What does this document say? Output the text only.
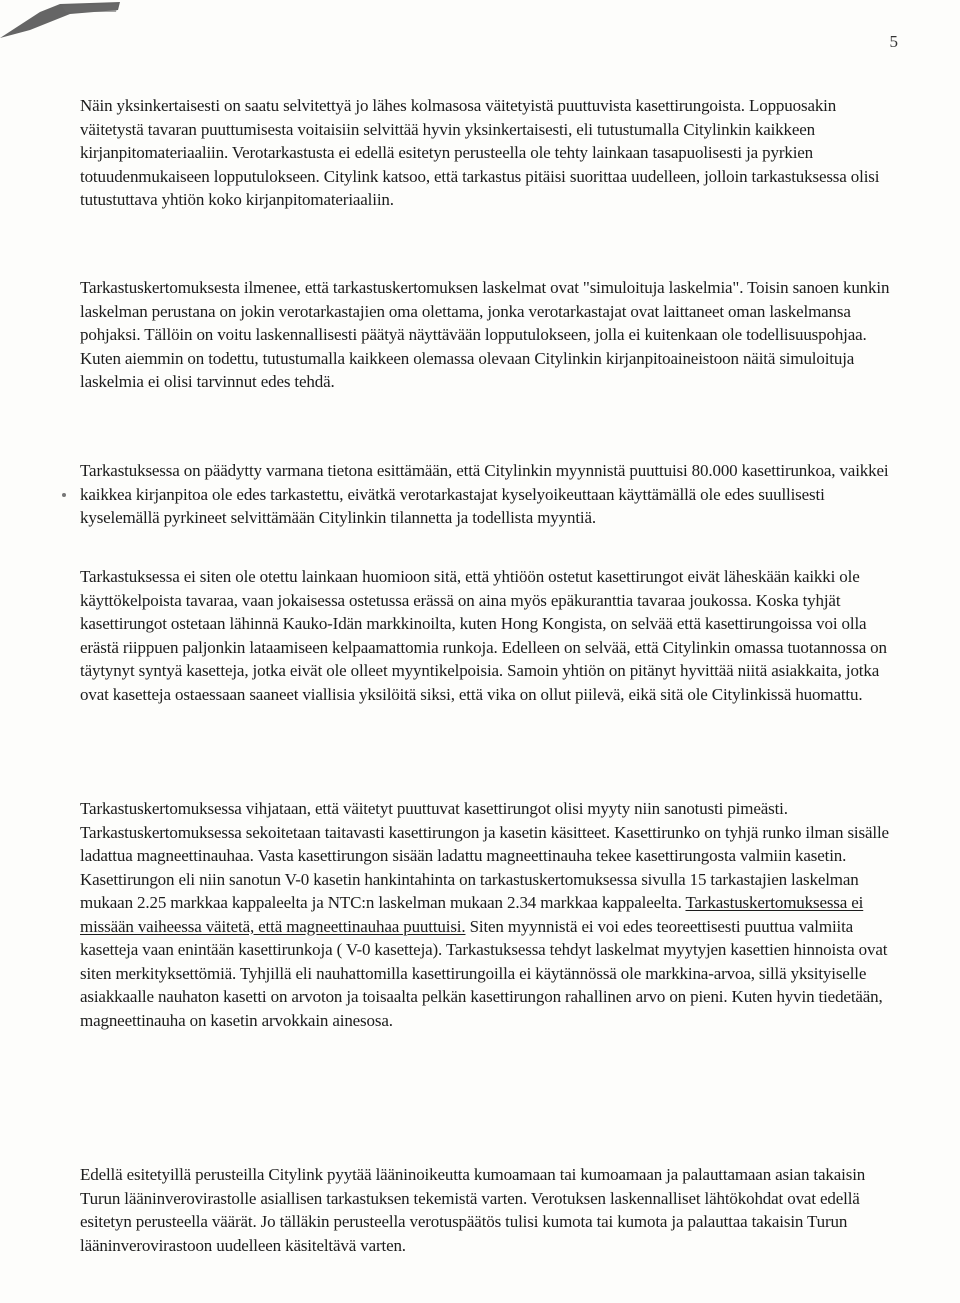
5

Näin yksinkertaisesti on saatu selvitettyä jo lähes kolmasosa väitetyistä puuttuvista kasettirungoista. Loppuosakin väitetystä tavaran puuttumisesta voitaisiin selvittää hyvin yksinkertaisesti, eli tutustumalla Citylinkin kaikkeen kirjanpitomateriaaliin. Verotarkastusta ei edellä esitetyn perusteella ole tehty lainkaan tasapuolisesti ja pyrkien totuudenmukaiseen lopputulokseen. Citylink katsoo, että tarkastus pitäisi suorittaa uudelleen, jolloin tarkastuksessa olisi tutustuttava yhtiön koko kirjanpitomateriaaliin.

Tarkastuskertomuksesta ilmenee, että tarkastuskertomuksen laskelmat ovat "simuloituja laskelmia". Toisin sanoen kunkin laskelman perustana on jokin verotarkastajien oma olettama, jonka verotarkastajat ovat laittaneet oman laskelmansa pohjaksi. Tällöin on voitu laskennallisesti päätyä näyttävään lopputulokseen, jolla ei kuitenkaan ole todellisuuspohjaa. Kuten aiemmin on todettu, tutustumalla kaikkeen olemassa olevaan Citylinkin kirjanpitoaineistoon näitä simuloituja laskelmia ei olisi tarvinnut edes tehdä.

Tarkastuksessa on päädytty varmana tietona esittämään, että Citylinkin myynnistä puuttuisi 80.000 kasettirunkoa, vaikkei kaikkea kirjanpitoa ole edes tarkastettu, eivätkä verotarkastajat kyselyoikeuttaan käyttämällä ole edes suullisesti kyselemällä pyrkineet selvittämään Citylinkin tilannetta ja todellista myyntiä.

Tarkastuksessa ei siten ole otettu lainkaan huomioon sitä, että yhtiöön ostetut kasettirungot eivät läheskään kaikki ole käyttökelpoista tavaraa, vaan jokaisessa ostetussa erässä on aina myös epäkuranttia tavaraa joukossa. Koska tyhjät kasettirungot ostetaan lähinnä Kauko-Idän markkinoilta, kuten Hong Kongista, on selvää että kasettirungoissa voi olla erästä riippuen paljonkin lataamiseen kelpaamattomia runkoja. Edelleen on selvää, että Citylinkin omassa tuotannossa on täytynyt syntyä kasetteja, jotka eivät ole olleet myyntikelpoisia. Samoin yhtiön on pitänyt hyvittää niitä asiakkaita, jotka ovat kasetteja ostaessaan saaneet viallisia yksilöitä siksi, että vika on ollut piilevä, eikä sitä ole Citylinkissä huomattu.

Tarkastuskertomuksessa vihjataan, että väitetyt puuttuvat kasettirungot olisi myyty niin sanotusti pimeästi. Tarkastuskertomuksessa sekoitetaan taitavasti kasettirungon ja kasetin käsitteet. Kasettirunko on tyhjä runko ilman sisälle ladattua magneettinauhaa. Vasta kasettirungon sisään ladattu magneettinauha tekee kasettirungosta valmiin kasetin. Kasettirungon eli niin sanotun V-0 kasetin hankintahinta on tarkastuskertomuksessa sivulla 15 tarkastajien laskelman mukaan 2.25 markkaa kappaleelta ja NTC:n laskelman mukaan 2.34 markkaa kappaleelta. Tarkastuskertomuksessa ei missään vaiheessa väitetä, että magneettinauhaa puuttuisi. Siten myynnistä ei voi edes teoreettisesti puuttua valmiita kasetteja vaan enintään kasettirunkoja ( V-0 kasetteja). Tarkastuksessa tehdyt laskelmat myytyjen kasettien hinnoista ovat siten merkityksettömiä. Tyhjillä eli nauhattomilla kasettirungoilla ei käytännössä ole markkina-arvoa, sillä yksityiselle asiakkaalle nauhaton kasetti on arvoton ja toisaalta pelkän kasettirungon rahallinen arvo on pieni. Kuten hyvin tiedetään, magneettinauha on kasetin arvokkain ainesosa.

Edellä esitetyillä perusteilla Citylink pyytää lääninoikeutta kumoamaan tai kumoamaan ja palauttamaan asian takaisin Turun lääninverovirastolle asiallisen tarkastuksen tekemistä varten. Verotuksen laskennalliset lähtökohdat ovat edellä esitetyn perusteella väärät. Jo tälläkin perusteella verotuspäätös tulisi kumota tai kumota ja palauttaa takaisin Turun lääninverovirastoon uudelleen käsiteltävä varten.
